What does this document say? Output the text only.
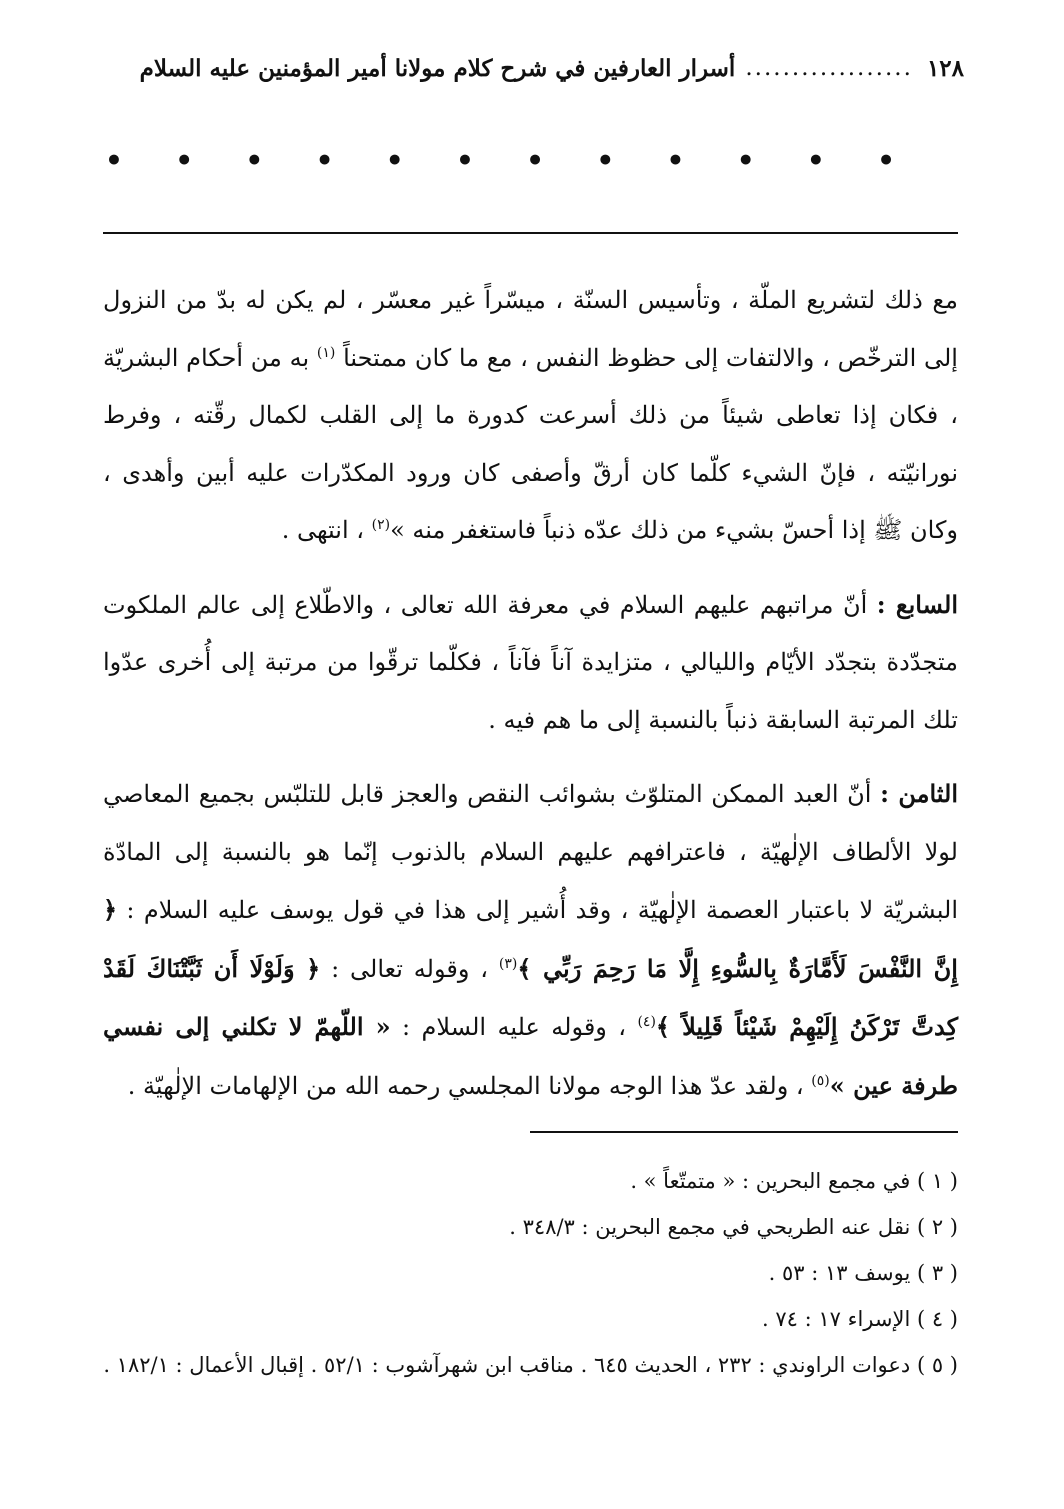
١٢٨
..................
أسرار العارفين في شرح كلام مولانا أمير المؤمنين عليه السلام
•
•
•
•
•
•
•
•
•
•
•
•

مع ذلك لتشريع الملّة ، وتأسيس السنّة ، ميسّراً غير معسّر ، لم يكن له بدّ من النزول إلى الترخّص ، والالتفات إلى حظوظ النفس ، مع ما كان ممتحناً $^{(١)}$ به من أحكام البشريّة ، فكان إذا تعاطى شيئاً من ذلك أسرعت كدورة ما إلى القلب لكمال رقّته ، وفرط نورانيّته ، فإنّ الشيء كلّما كان أرقّ وأصفى كان ورود المكدّرات عليه أبين وأهدى ، وكان ﷺ إذا أحسّ بشيء من ذلك عدّه ذنباً فاستغفر منه »$^{(٢)}$ ، انتهى .

السابع : أنّ مراتبهم عليهم السلام في معرفة الله تعالى ، والاطّلاع إلى عالم الملكوت متجدّدة بتجدّد الأيّام والليالي ، متزايدة آناً فآناً ، فكلّما ترقّوا من مرتبة إلى أُخرى عدّوا تلك المرتبة السابقة ذنباً بالنسبة إلى ما هم فيه .

الثامن : أنّ العبد الممكن المتلوّث بشوائب النقص والعجز قابل للتلبّس بجميع المعاصي لولا الألطاف الإلٰهيّة ، فاعترافهم عليهم السلام بالذنوب إنّما هو بالنسبة إلى المادّة البشريّة لا باعتبار العصمة الإلٰهيّة ، وقد أُشير إلى هذا في قول يوسف عليه السلام : ﴿ إِنَّ النَّفْسَ لَأَمَّارَةٌ بِالسُّوءِ إِلَّا مَا رَحِمَ رَبِّي ﴾$^{(٣)}$ ، وقوله تعالى : ﴿ وَلَوْلَا أَن ثَبَّتْنَاكَ لَقَدْ كِدتَّ تَرْكَنُ إِلَيْهِمْ شَيْئاً قَلِيلاً ﴾$^{(٤)}$ ، وقوله عليه السلام : « اللّهمّ لا تكلني إلى نفسي طرفة عين »$^{(٥)}$ ، ولقد عدّ هذا الوجه مولانا المجلسي رحمه الله من الإلهامات الإلٰهيّة .

( ١ ) في مجمع البحرين : « متمتّعاً » .

( ٢ ) نقل عنه الطريحي في مجمع البحرين : ٣٤٨/٣ .

( ٣ ) يوسف ١٣ : ٥٣ .

( ٤ ) الإسراء ١٧ : ٧٤ .

( ٥ ) دعوات الراوندي : ٢٣٢ ، الحديث ٦٤٥ . مناقب ابن شهرآشوب : ٥٢/١ . إقبال الأعمال : ١٨٢/١ .
